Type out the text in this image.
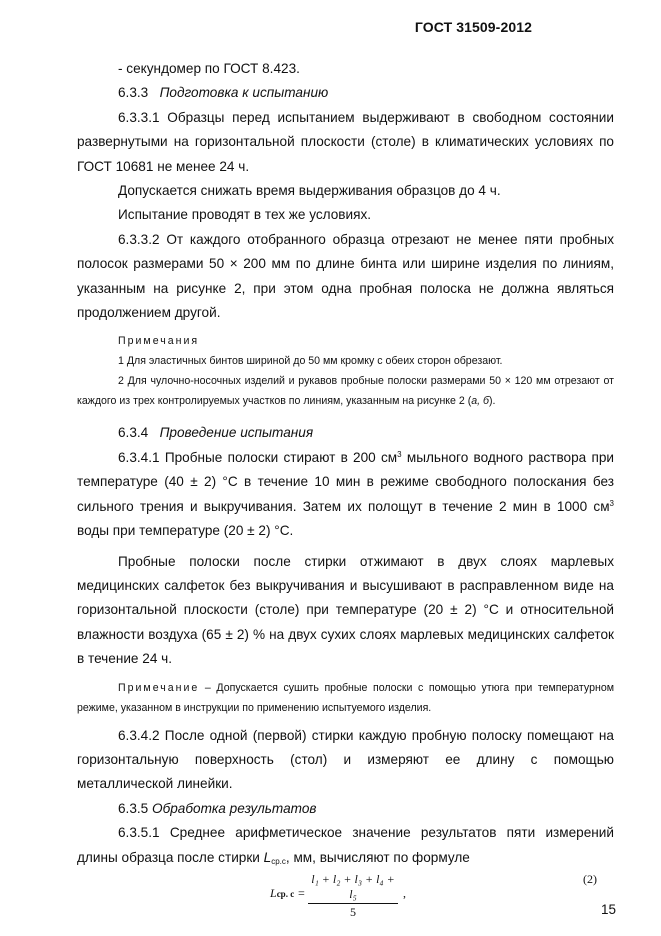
ГОСТ 31509-2012

- секундомер по ГОСТ 8.423.

6.3.3 Подготовка к испытанию

6.3.3.1 Образцы перед испытанием выдерживают в свободном состоянии развернутыми на горизонтальной плоскости (столе) в климатических условиях по ГОСТ 10681 не менее 24 ч.

Допускается снижать время выдерживания образцов до 4 ч.

Испытание проводят в тех же условиях.

6.3.3.2 От каждого отобранного образца отрезают не менее пяти пробных полосок размерами 50 × 200 мм по длине бинта или ширине изделия по линиям, указанным на рисунке 2, при этом одна пробная полоска не должна являться продолжением другой.

Примечания

1 Для эластичных бинтов шириной до 50 мм кромку с обеих сторон обрезают.

2 Для чулочно-носочных изделий и рукавов пробные полоски размерами 50 × 120 мм отрезают от каждого из трех контролируемых участков по линиям, указанным на рисунке 2 (а, б).

6.3.4 Проведение испытания

6.3.4.1 Пробные полоски стирают в 200 $см^3$ мыльного водного раствора при температуре (40 ± 2) °С в течение 10 мин в режиме свободного полоскания без сильного трения и выкручивания. Затем их полощут в течение 2 мин в 1000 $см^3$ воды при температуре (20 ± 2) °С.

Пробные полоски после стирки отжимают в двух слоях марлевых медицинских салфеток без выкручивания и высушивают в расправленном виде на горизонтальной плоскости (столе) при температуре (20 ± 2) °С и относительной влажности воздуха (65 ± 2) % на двух сухих слоях марлевых медицинских салфеток в течение 24 ч.

Примечание – Допускается сушить пробные полоски с помощью утюга при температурном режиме, указанном в инструкции по применению испытуемого изделия.

6.3.4.2 После одной (первой) стирки каждую пробную полоску помещают на горизонтальную поверхность (стол) и измеряют ее длину с помощью металлической линейки.

6.3.5 Обработка результатов

6.3.5.1 Среднее арифметическое значение результатов пяти измерений длины образца после стирки $L_{ср.с}$, мм, вычисляют по формуле

Lср. $с = \frac{\text{l₁ + l₂ + l₃ + l₄ + l₅}}{5}$ ,
(2)
15
